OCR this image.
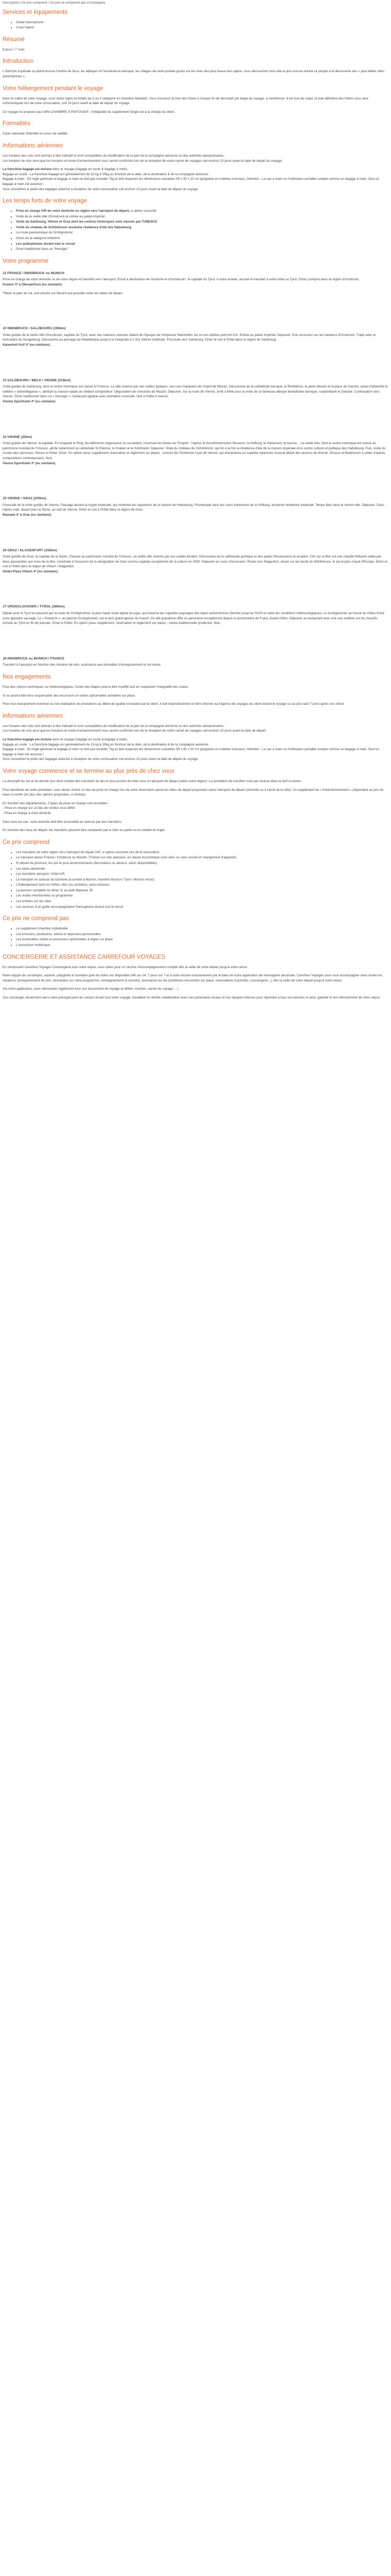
Descriptions Ce prix comprend / Ce prix ne comprend pas Conciergerie

Services et équipements
• Guide francophone
• Coaù ingeriz
Résumé

8 jours / 7 nuits

Introduction

L'Autriche impériale ou plutot encore l'ombre de Sissi, les abbayes et l'exubérance baroque, les villages de carte postale posés sur les rives des plus beaux lacs alpins, vous découvrirez tout cela et plus encore durant ce périple à la découverte des « plus belles villes autrichiennes ».

Votre hébergement pendant le voyage

Dans le cadre de votre voyage, vous serez logés en hôtels de 3 ou 4 catégorie en chambre standard. Vous trouverez la liste des hôtels à chaque fin de descriptif par étape du voyage, à mentionner. Il est tout de coqui, la liste définitive des hôtels vous sera communiquée lors de votre convocation, soit 10 jours avant la date de départ du voyage.

Ce voyage ne propose pas l'offre CHAMBRE À PARTAGER : l'intégralité du supplément Single est à la charge du client.

Formalités

Carte nationale d'identité en cours de validité

Informations aériennes

Les horaires des vols sont donnés à titre indicatif et sont susceptibles de modification de la part de la compagnie aérienne ou des autorités aéroportuaires.
Les horaires de vols ainsi que les horaires et mode d'acheminement vous seront confirmés lors de la réception de votre carnet de voyages soit environ 10 jours avant la date de départ du voyage.

La franchise bagage est incluse dans le voyage (bagage en soute & bagage à main).
Bagage en soute : La franchise bagage est généralement de 15 kg à 30kg en fonction de la date, de la destination & de la compagnie aérienne.
Bagage à main : En règle générale le bagage à main ne doit pas excéder 7kg et doit respecter les dimensions suivantes 55 x 40 x 20 cm (poignées et roulettes incluses). Attention : Le sac à main ou l'ordinateur portable compte comme un bagage à main. Seul un bagage à main est autorisé !
Vous connaîtrez le poids des bagages autorisé à réception de votre convocation soit environ 10 jours avant la date de départ du voyage

Les temps forts de votre voyage
• Prise en charge A/R de votre domicile ou région vers l'aéroport de départ, si option souscrite
• Visite de la vieille ville d'Innsbruck et entrée au palais impérial
• Visite de Salzbourg, Vienne et Graz dont les centres historiques sont classés par l'UNESCO
• Visite du chateau de Schönbrunn ancienne résidence d'été des Habsbourg
• La route panoramique du Großglockner
• Choix de la catégorie hôtelière
• Les audiophones durant tout le circuit
• Diner traditionnel dans un "Heuriger"
Votre programme
J1 FRANCE / INNSBRUCK ou MUNICH

Prise en charge de votre domicile ou de votre région et transfert vers l'aéroport. Envol à destination de l'Autriche et d'Innsbruck*, la capitale du Tyrol. A votre arrivée, accueil et transfert à votre hôtel au Tyrol. Dîner (compris dans le région d'Innsbruck.

Kramer 3* à Oberperfuss (ou similaire)

*Selon le plan de vol, une arrivée sur Munich est possible selon les dates de départ.

J2 INNSBRUCK / SALZBOURG (190km)

Visite guidée de la vieille ville d'Innsbruck, capitale du Tyrol, avec ses maisons colorées datant de l'époque de l'empereur Maximilien 1er et son célèbre petit toit d'or. Entrée au palais impérial. Déjeuner. Puis excursion sur les hauteurs d'Innsbruck. Trajet avec le funiculaire du Hungerburg. Découverte au passage du téléphérique jusqu'à la Seegrube à 1 911 mètres d'altitude. Poursuite vers Salzbourg. Dîner et nuit à l'hôtel dans la région de Salzbourg.

Kaiserhof Anif 3* (ou similaire).

J3 SALZBOURG / MELK / VIENNE (315km)

Visite guidée de Salzbourg, dont le centre historique est classé à l'Unesco. La ville charme par ses ruelles typiques, ses rues marquées de l'esprit de Mozart. Découverte de la cathédrale baroque, la Résidence, la place Mozart et la place du marché, avant d'atteindre le célèbre « Getreidegasse », abritant la maison natale du célèbre compositeur. Dégustation de chocolats de Mozart. Déjeuner. Sur la route de Vienne, arrêt à Melk pour la visite de sa fameuse abbaye bénédictine baroque, surplombant le Danube. Continuation vers Vienne. Dîner traditionnel dans un « Heuriger », restaurant typique avec animation musicale. Nuit à l'hôtel à Vienne.

Vienna Sporthotel 4* (ou similaire)

J4 VIENNE (25km)

Visite guidée de Vienne, la capitale. En longeant le Ring, les bâtiments majestueux se succèdent, incarnant les fastes de l'Empire : l'opéra, le Kunsthistorisches Museum, la Hofburg, le Parlement, la bourse... La vieille ville, dont le centre historique est classé au patrimoine mondial de l'Unesco, abrite notamment la cathédrale St Etienne, le Graben et le Kohlmarkt. Déjeuner. Visite du château de Schönbrunn, qui fut à la fois la résidence d'été de la maison impériale et le centre culturel et politique des Habsbourg. Puis, visite du musée des carrosses. Retour à l'hôtel. Dîner. En option (avec supplément réservation et règlement sur place) : concert de l'Orchestre royal de Vienne, qui interprètera un superbe répertoire musical alliant des œuvres de Mozart, Strauss et Beethoven à celles d'autres compositeurs contemporains. Nuit.

Vienna Sporthotel 4* (ou similaire)

J5 VIENNE / GRAZ (205km)

Poursuite de la visite guidée de Vienne. Passage devant la crypte impériale, qui renferme les sépultures de la maison de Habsbourg. Promenade dans les cours intérieures de la Hofburg, ancienne résidence impériale. Temps libre dans le centre-ville. Déjeuner. Dans l'après-midi, départ pour la Styrie, au sud de Vienne. Dîner et nuit à l'hôtel dans la région de Graz.

Ramada 4* à Graz (ou similaire)

J6 GRAZ / KLAGENFURT (150km)

Visite guidée de Graz, la capitale de la Styrie. Classée au patrimoine mondial de l'Unesco, sa vieille ville charme par ses ruelles étroites. Découverte de la cathédrale gothique et des palais Renaissance et arcades. Clin sur la Mur est une coquille flottante reliée par deux passerelles aux rives de la Mur, construite à l'occasion de la désignation de Graz comme capitale européenne de la culture en 2003. Déjeuner en cours d'excursion. Route vers Klagenfurt, située sur les bords du Wörthersee, le lac le plus chaud d'Europe. Dîner et nuit à l'hôtel dans la région de Villach / Klagenfurt.

Globo Plaza Villach 4* (ou similaire).

J7 GROßGLOCKNER / TYROL (380km)

Départ pour le Tyrol en passant par la route du Großglockner, la plus haute route alpine du pays, qui traverse les superbes paysages des Alpes autrichiennes (fermée jusqu'au 01/05 et selon les conditions météorologiques). Le Großglockner se trouve au milieu d'une zone glaciaire sauvage. Le « Pasterze », au pied du Großglockner, est le plus grand glacier du massif. Ce site grandiose offre un panorama exceptionnel depuis le promontoire de Franz-Josefs-Höhe. Déjeuner au restaurant avec une vue sublime sur les massifs. Arrivée au Tyrol en fin de journée. Dîner à l'hôtel. En option (avec supplément, réservation et règlement sur place) : soirée traditionnelle tyrolienne. Nuit.

J8 INNSBRUCK ou MUNICH / FRANCE

Transfert à l'aéroport en fonction des horaires de vols, assistance aux formalités d'enregistrement et vol retour.

Nos engagements

Pour des raisons techniques ou météorologiques, l'ordre des étapes pourra être modifié tout en respectant l'intégralité des visites.

Vi se pourra être tenu responsable des excursions et visites optionnelles achetées sur place.

Pour tout manquement éventuel ou non-réalisation de prestations au début de qualité constatée par le client, il doit impérativement en être informé via l'agence de voyages du client durant le voyage ou au plus tard 7 jours après son retour.

Informations aériennes

Les horaires des vols sont donnés à titre indicatif et sont susceptibles de modification de la part de la compagnie aérienne ou des autorités aéroportuaires.
Les horaires de vols ainsi que les horaires et mode d'acheminement vous seront confirmés lors de la réception de votre carnet de voyages soit environ 10 jours avant la date de départ.

La franchise bagage est incluse dans le voyage (bagage en soute & bagage à main).
Bagage en soute : La franchise bagage est généralement de 15 kg à 30kg en fonction de la date, de la destination & de la compagnie aérienne.
Bagage à main : En règle générale le bagage à main ne doit pas excéder 7kg et doit respecter les dimensions suivantes 55 x 40 x 20 cm (poignées et roulettes incluses). Attention : Le sac à main ou l'ordinateur portable compte comme un bagage à main. Seul un bagage à main est autorisé !
Vous connaîtrez le poids des bagages autorisé à réception de votre convocation soit environ 10 jours avant la date de départ du voyage

Votre voyage commence et se termine au plus près de chez vous

Le descriptif du 1er et du dernier jour tient compte des transferts du lieu le plus proche de chez vous à l'aéroport de départ (selon votre région). La prestation de transfert n'est pas incluse dans le tarif ci-contre.

Pour bénéficier de cette prestation, vous devez choisir un lieu de prise en charge lors de votre réservation parmi les villes de départ proposées selon l'aéroport de départ (domicile ou à l'arrêt de la ville); Un supplément de « Préacheminement » (répondant au prix de base ci-contre (en plus des options proposées, si choisie).

En fonction des départements, 2 types de prise en charge sont possibles :
- Prise en charge sur un lieu de rendez-vous défini
- Prise en charge à votre domicile

Dans tous les cas, votre domicile doit être accessible en autocar par nos transferts.

En fonction des lieux de départ, les transferts peuvent être remplacés par le train en partie ou en totalité du trajet.

Ce prix comprend
• Les transferts de votre région vers l'aéroport de départ A/R, si option souscrite lors de la réservation
• Le transport aérien France / Innsbruck ou Munich / France sur vols spéciaux, en classe économique (vols avec ou sans escale et changement d'appareil)
• Si départ de province, les pré et post acheminements (ferroviaires ou aériens, selon disponibilités)
• Les taxes aériennes
• Les transferts aéroport / hôtel A/R
• Le transport en autocar de tourisme (à arrivée à Munich, transfert Munich / Tyrol / Munich inclus)
• L'hébergement dans les hôtels cités (ou similaire), taxes incluses
• La pension complète du dîner J1 au petit déjeuner J8
• Les visites mentionnées au programme
• Les entrées sur les sites
• Les services d'un guide accompagnateur francophone durant tout le circuit
Ce prix ne comprend pas
• Le supplément chambre individuelle
• Les boissons, pourboires, extras et dépenses personnelles
• Les éventuelles visites et excursions optionnelles à régler sur place
• L'assurance multirisque
CONCIERGERIE ET ASSISTANCE CARREFOUR VOYAGES

En choisissant Carrefour Voyages Conciergerie pour votre séjour, vous optez pour un service d'accompagnement complet dès la veille de votre départ jusqu'à votre retour.

Notre équipe de concierges, experte, polyglotte et humaine (joie de rôder) est disponible 24h sur 24, 7 jours sur 7 et à votre écoute exclusivement par le biais de notre application de messagerie sécurisée. Carrefour Voyages pour vous accompagner dans toutes les situations (enregistrement de vols, demandes sur votre programme, renseignements & conseils, assistance sur les problèmes rencontrés sur place, réservations d'activités, conciergerie...), dès la veille de votre départ jusqu'à votre retour.

Via notre application, vous retrouverez également tous vos documents de voyage (e-billets, voucher, carnet de voyage, ...)

Vos concierges deviennent alors votre principal point de contact durant tout votre voyage, travaillant en étroite collaboration avec nos partenaires locaux et nos équipes internes pour répondre à tous vos besoins et ainsi, garantir le bon déroulement de votre séjour.
